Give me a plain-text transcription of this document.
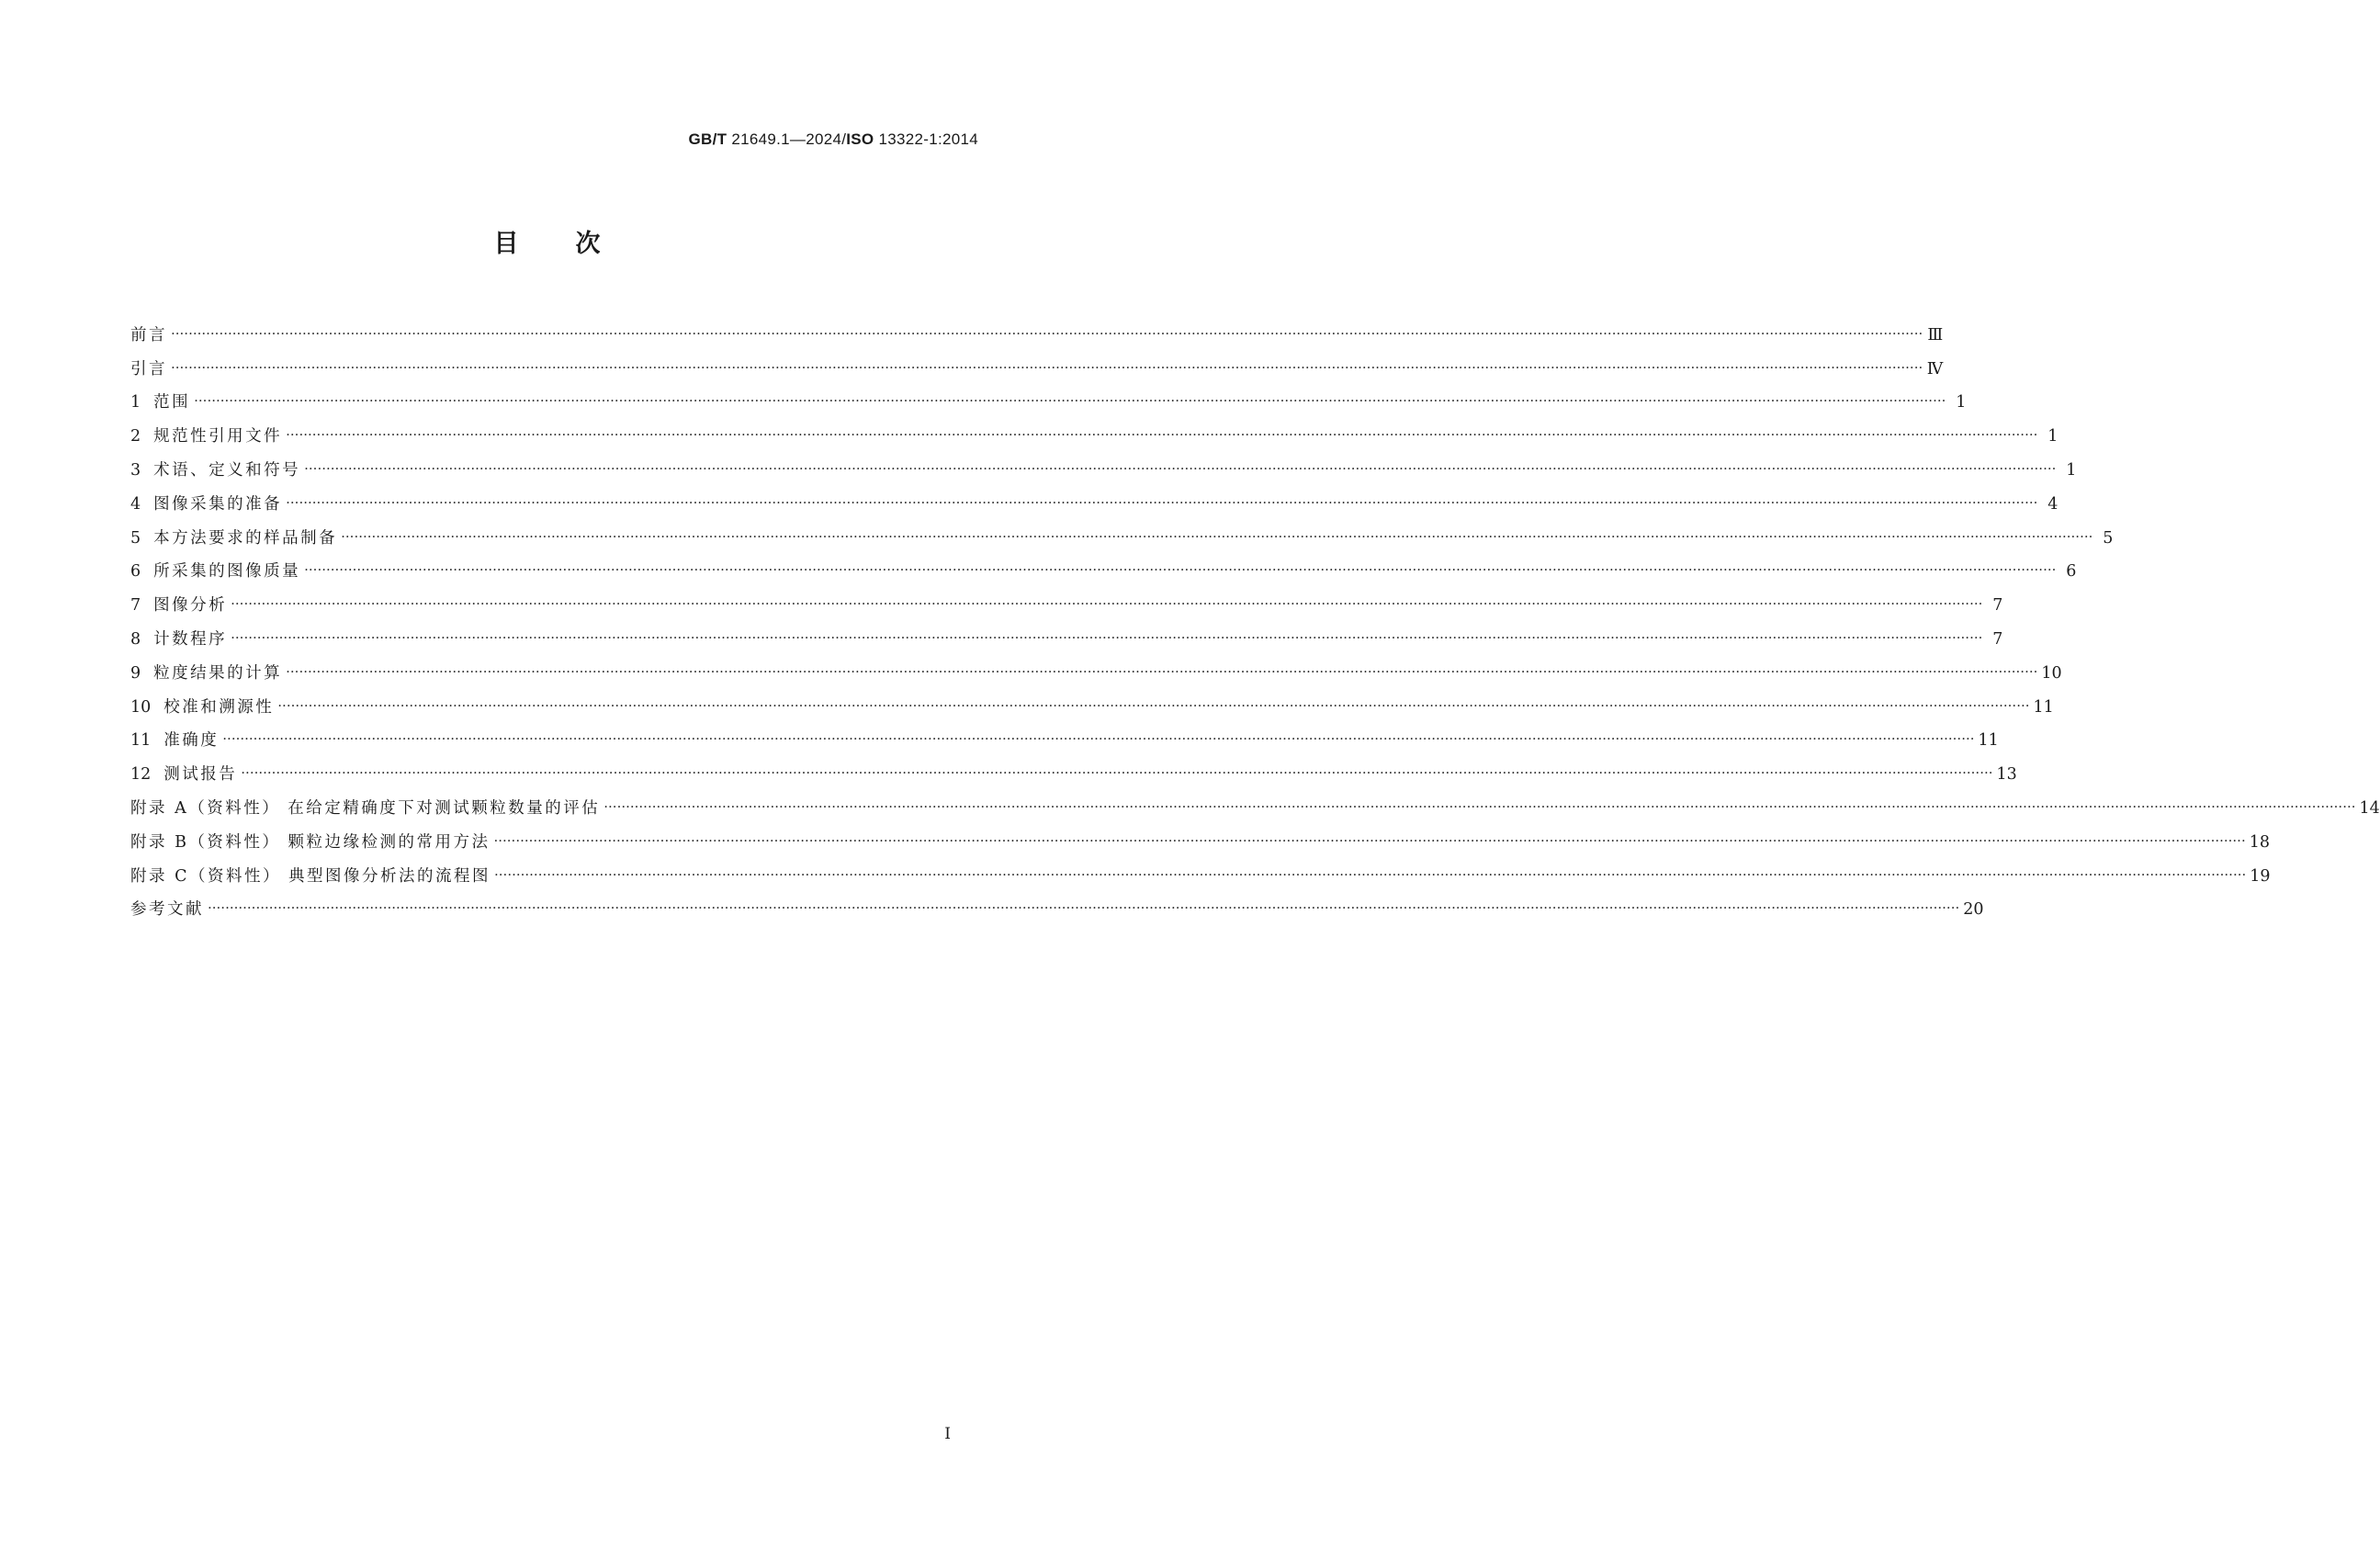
GB/T 21649.1—2024/ISO 13322-1:2014
目次
前言 ················································································································································································································································································································································································································ Ⅲ
引言 ················································································································································································································································································································································································································ Ⅳ
1 范围 ················································································································································································································································································································································································································ 1
2 规范性引用文件 ················································································································································································································································································································································································································ 1
3 术语、定义和符号 ················································································································································································································································································································································································································ 1
4 图像采集的准备 ················································································································································································································································································································································································································ 4
5 本方法要求的样品制备 ················································································································································································································································································································································································································ 5
6 所采集的图像质量 ················································································································································································································································································································································································································ 6
7 图像分析 ················································································································································································································································································································································································································ 7
8 计数程序 ················································································································································································································································································································································································································ 7
9 粒度结果的计算 ················································································································································································································································································································································································································ 10
10 校准和溯源性 ················································································································································································································································································································································································································ 11
11 准确度 ················································································································································································································································································································································································································ 11
12 测试报告 ················································································································································································································································································································································································································ 13
附录 A（资料性） 在给定精确度下对测试颗粒数量的评估 ················································································································································································································································································································································································································ 14
附录 B（资料性） 颗粒边缘检测的常用方法 ················································································································································································································································································································································································································ 18
附录 C（资料性） 典型图像分析法的流程图 ················································································································································································································································································································································································································ 19
参考文献 ················································································································································································································································································································································································································ 20
Ⅰ
